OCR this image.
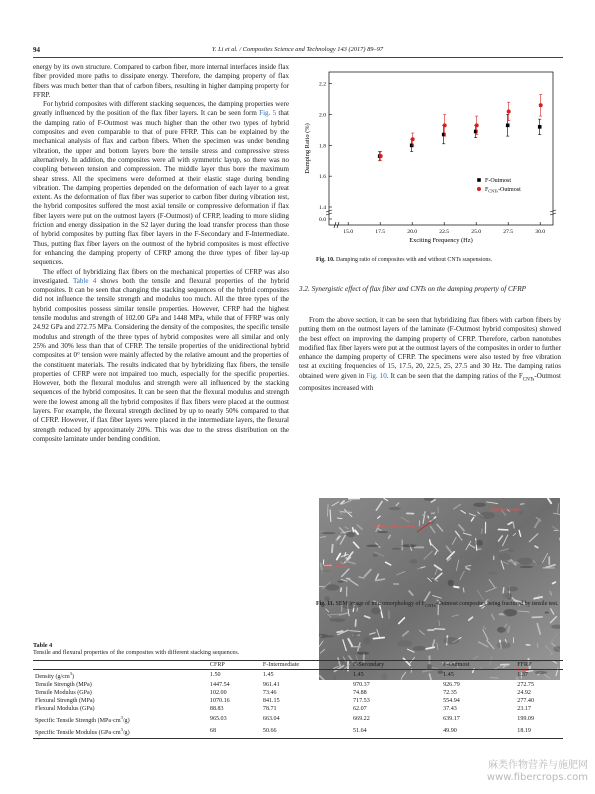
94	Y. Li et al. / Composites Science and Technology 143 (2017) 89–97

energy by its own structure. Compared to carbon fiber, more internal interfaces inside flax fiber provided more paths to dissipate energy. Therefore, the damping property of flax fibers was much better than that of carbon fibers, resulting in higher damping property for FFRP.

For hybrid composites with different stacking sequences, the damping properties were greatly influenced by the position of the flax fiber layers. It can be seen form Fig. 5 that the damping ratio of F-Outmost was much higher than the other two types of hybrid composites and even comparable to that of pure FFRP. This can be explained by the mechanical analysis of flax and carbon fibers. When the specimen was under bending vibration, the upper and bottom layers bore the tensile stress and compressive stress alternatively. In addition, the composites were all with symmetric layup, so there was no coupling between tension and compression. The middle layer thus bore the maximum shear stress. All the specimens were deformed at their elastic stage during bending vibration. The damping properties depended on the deformation of each layer to a great extent. As the deformation of flax fiber was superior to carbon fiber during vibration test, the hybrid composites suffered the most axial tensile or compressive deformation if flax fiber layers were put on the outmost layers (F-Outmost) of CFRP, leading to more sliding friction and energy dissipation in the S2 layer during the load transfer process than those of hybrid composites by putting flax fiber layers in the F-Secondary and F-Intermediate. Thus, putting flax fiber layers on the outmost of the hybrid composites is most effective for enhancing the damping property of CFRP among the three types of fiber lay-up sequences.

The effect of hybridizing flax fibers on the mechanical properties of CFRP was also investigated. Table 4 shows both the tensile and flexural properties of the hybrid composites. It can be seen that changing the stacking sequences of the hybrid composites did not influence the tensile strength and modulus too much. All the three types of the hybrid composites possess similar tensile properties. However, CFRP had the highest tensile modulus and strength of 102.00 GPa and 1448 MPa, while that of FFRP was only 24.92 GPa and 272.75 MPa. Considering the density of the composites, the specific tensile modulus and strength of the three types of hybrid composites were all similar and only 25% and 30% less than that of CFRP. The tensile properties of the unidirectional hybrid composites at 0° tension were mainly affected by the relative amount and the properties of the constituent materials. The results indicated that by hybridizing flax fibers, the tensile properties of CFRP were not impaired too much, especially for the specific properties. However, both the flexural modulus and strength were all influenced by the stacking sequences of the hybrid composites. It can be seen that the flexural modulus and strength were the lowest among all the hybrid composites if flax fibers were placed at the outmost layers. For example, the flexural strength declined by up to nearly 50% compared to that of CFRP. However, if flax fiber layers were placed in the intermediate layers, the flexural strength reduced by approximately 20%. This was due to the stress distribution on the composite laminate under bending condition.

0.0
1.4
1.6
1.8
2.0
2.2
15.0	17.5	20.0	22.5	25.0	27.5	30.0
Exciting Frequency (Hz)
Damping Ratio (%)
F-Outmost
$F_{CNTs}$-Outmost
Fig. 10. Damping ratio of composites with and without CNTs suspensions.
3.2. Synergistic effect of flax fiber and CNTs on the damping property of CFRP

From the above section, it can be seen that hybridizing flax fibers with carbon fibers by putting them on the outmost layers of the laminate (F-Outmost hybrid composites) showed the best effect on improving the damping property of CFRP. Therefore, carbon nanotubes modified flax fiber layers were put at the outmost layers of the composites in order to further enhance the damping property of CFRP. The specimens were also tested by free vibration test at exciting frequencies of 15, 17.5, 20, 22.5, 25, 27.5 and 30 Hz. The damping ratios obtained were given in Fig. 10. It can be seen that the damping ratios of the $F_{CNTs}$-Outmost composites increased with

Carbon Nanotubes
Epoxy Resin
Flax Fiber
1 µm
Fig. 11. SEM image of micromorphology of $F_{CNTs}$-Outmost composites being fractured by tensile test.
Table 4
Tensile and flexural properties of the composites with different stacking sequences.
	CFRP	F-Intermediate	F-Secondary	F-Outmost	FFRP
Density $(g/cm^3)$	1.50	1.45	1.45	1.45	1.37
Tensile Strength (MPa)	1447.54	961.41	970.37	926.79	272.75
Tensile Modulus (GPa)	102.00	73.46	74.88	72.35	24.92
Flexural Strength (MPa)	1070.16	841.15	717.53	554.94	277.40
Flexural Modulus (GPa)	88.83	78.71	62.07	37.43	23.17
Specific Tensile Strength $(MPa\cdot cm^3/g)$	965.03	663.04	669.22	639.17	199.09
Specific Tensile Modulus $(GPa\cdot cm^3/g)$	68	50.66	51.64	49.90	18.19
麻类作物营养与施肥网
www.fibercrops.com
